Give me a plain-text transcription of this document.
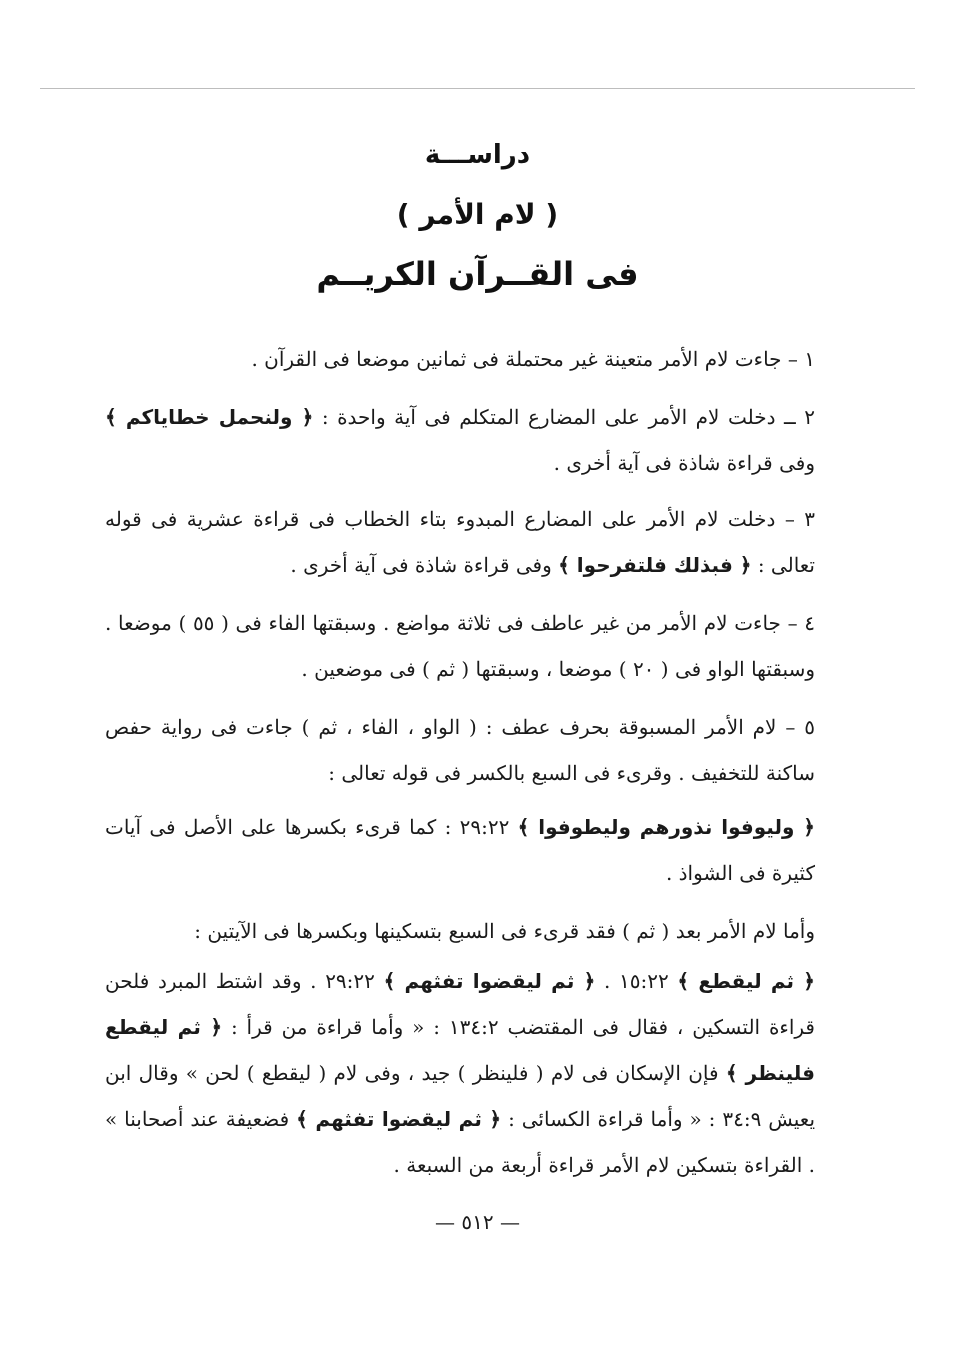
دراســـة
( لام الأمر )
فى القــرآن الكريــم
١ – جاءت لام الأمر متعينة غير محتملة فى ثمانين موضعا فى القرآن .
٢ ــ دخلت لام الأمر على المضارع المتكلم فى آية واحدة : ﴿ ولنحمل خطاياكم ﴾ وفى قراءة شاذة فى آية أخرى .
٣ – دخلت لام الأمر على المضارع المبدوء بتاء الخطاب فى قراءة عشرية فى قوله تعالى : ﴿ فبذلك فلتفرحوا ﴾ وفى قراءة شاذة فى آية أخرى .
٤ – جاءت لام الأمر من غير عاطف فى ثلاثة مواضع . وسبقتها الفاء فى ( ٥٥ ) موضعا . وسبقتها الواو فى ( ٢٠ ) موضعا ، وسبقتها ( ثم ) فى موضعين .
٥ – لام الأمر المسبوقة بحرف عطف : ( الواو ، الفاء ، ثم ) جاءت فى رواية حفص ساكنة للتخفيف . وقرىء فى السبع بالكسر فى قوله تعالى :
﴿ وليوفوا نذورهم وليطوفوا ﴾ ٢٩:٢٢ : كما قرىء بكسرها على الأصل فى آيات كثيرة فى الشواذ .
وأما لام الأمر بعد ( ثم ) فقد قرىء فى السبع بتسكينها وبكسرها فى الآيتين :
﴿ ثم ليقطع ﴾ ١٥:٢٢ . ﴿ ثم ليقضوا تفثهم ﴾ ٢٩:٢٢ . وقد اشتط المبرد فلحن قراءة التسكين ، فقال فى المقتضب ١٣٤:٢ : « وأما قراءة من قرأ : ﴿ ثم ليقطع فلينظر ﴾ فإن الإسكان فى لام ( فلينظر ) جيد ، وفى لام ( ليقطع ) لحن » وقال ابن يعيش ٣٤:٩ : « وأما قراءة الكسائى : ﴿ ثم ليقضوا تفثهم ﴾ فضعيفة عند أصحابنا » . القراءة بتسكين لام الأمر قراءة أربعة من السبعة .
— ٥١٢ —
